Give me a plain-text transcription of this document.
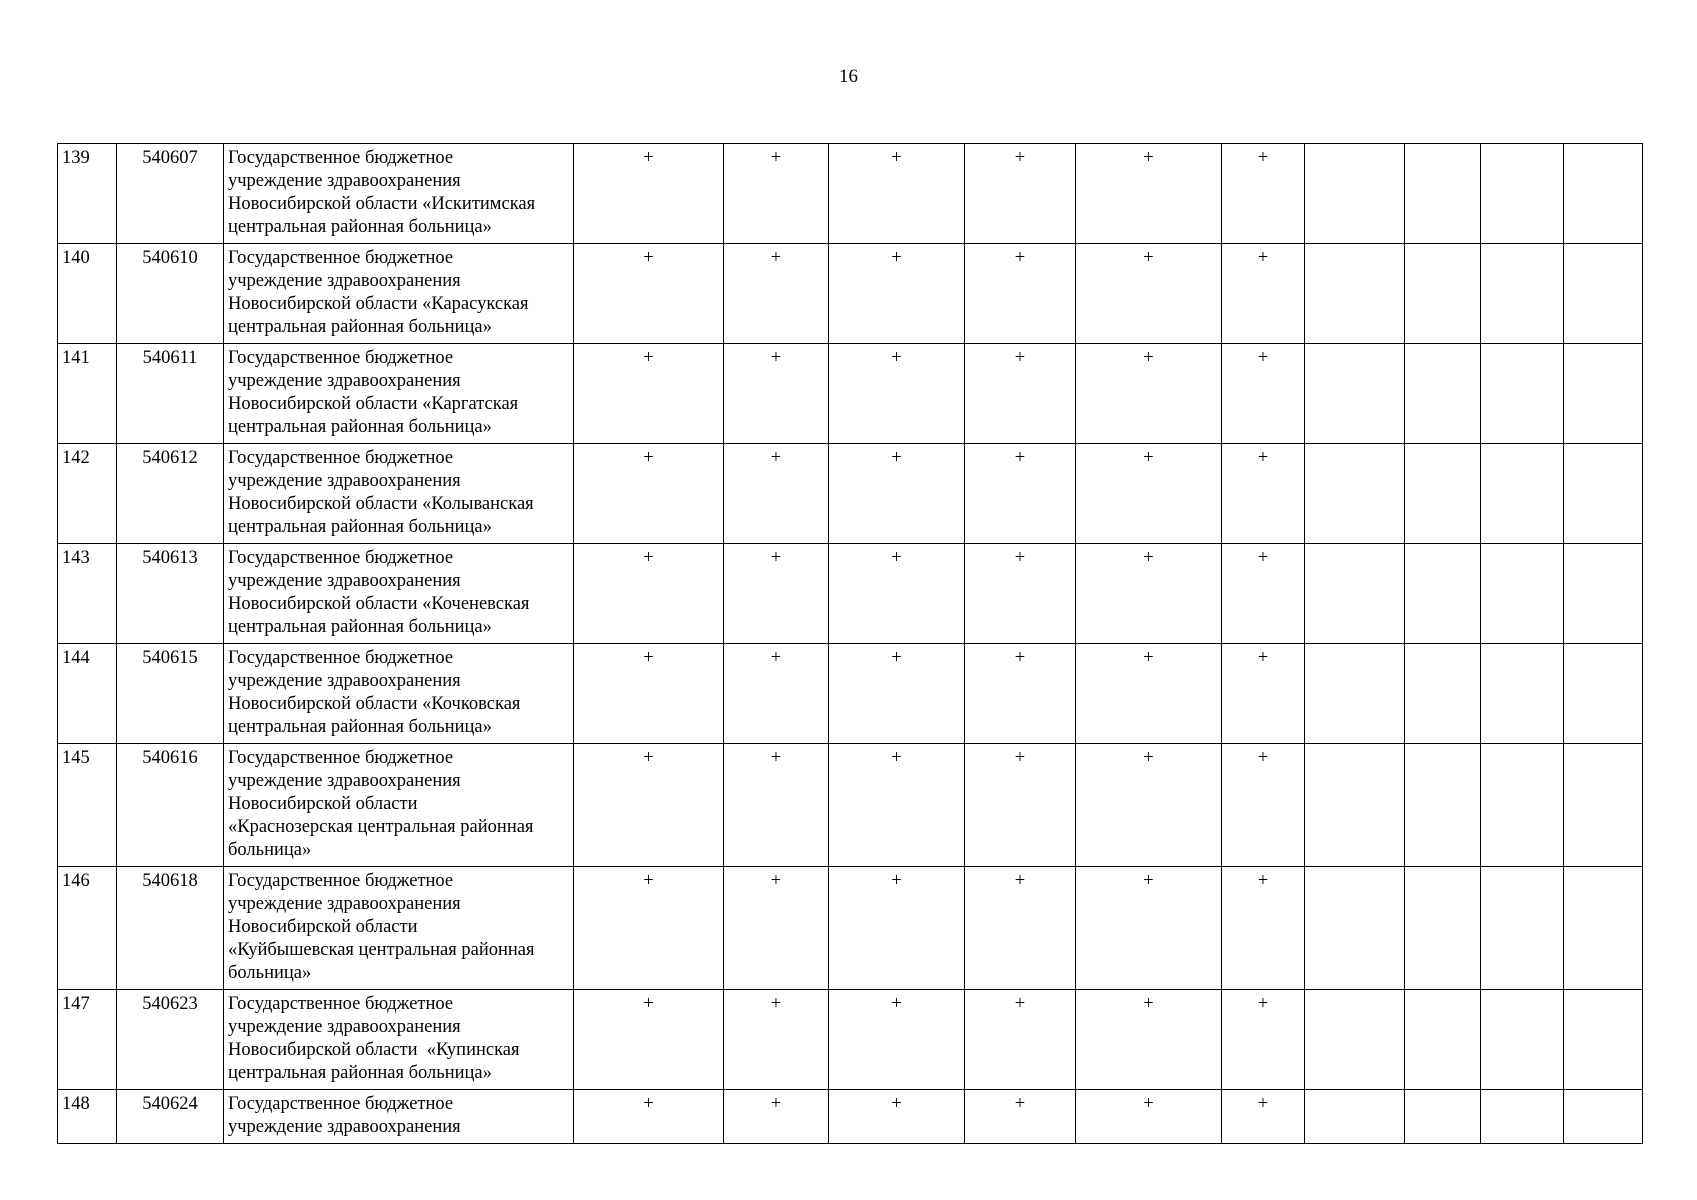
16
139	540607	Государственное бюджетное
учреждение здравоохранения
Новосибирской области «Искитимская
центральная районная больница»	+	+	+	+	+	+				
140	540610	Государственное бюджетное
учреждение здравоохранения
Новосибирской области «Карасукская
центральная районная больница»	+	+	+	+	+	+				
141	540611	Государственное бюджетное
учреждение здравоохранения
Новосибирской области «Каргатская
центральная районная больница»	+	+	+	+	+	+				
142	540612	Государственное бюджетное
учреждение здравоохранения
Новосибирской области «Колыванская
центральная районная больница»	+	+	+	+	+	+				
143	540613	Государственное бюджетное
учреждение здравоохранения
Новосибирской области «Коченевская
центральная районная больница»	+	+	+	+	+	+				
144	540615	Государственное бюджетное
учреждение здравоохранения
Новосибирской области «Кочковская
центральная районная больница»	+	+	+	+	+	+				
145	540616	Государственное бюджетное
учреждение здравоохранения
Новосибирской области
«Краснозерская центральная районная
больница»	+	+	+	+	+	+				
146	540618	Государственное бюджетное
учреждение здравоохранения
Новосибирской области
«Куйбышевская центральная районная
больница»	+	+	+	+	+	+				
147	540623	Государственное бюджетное
учреждение здравоохранения
Новосибирской области  «Купинская
центральная районная больница»	+	+	+	+	+	+				
148	540624	Государственное бюджетное
учреждение здравоохранения	+	+	+	+	+	+				
